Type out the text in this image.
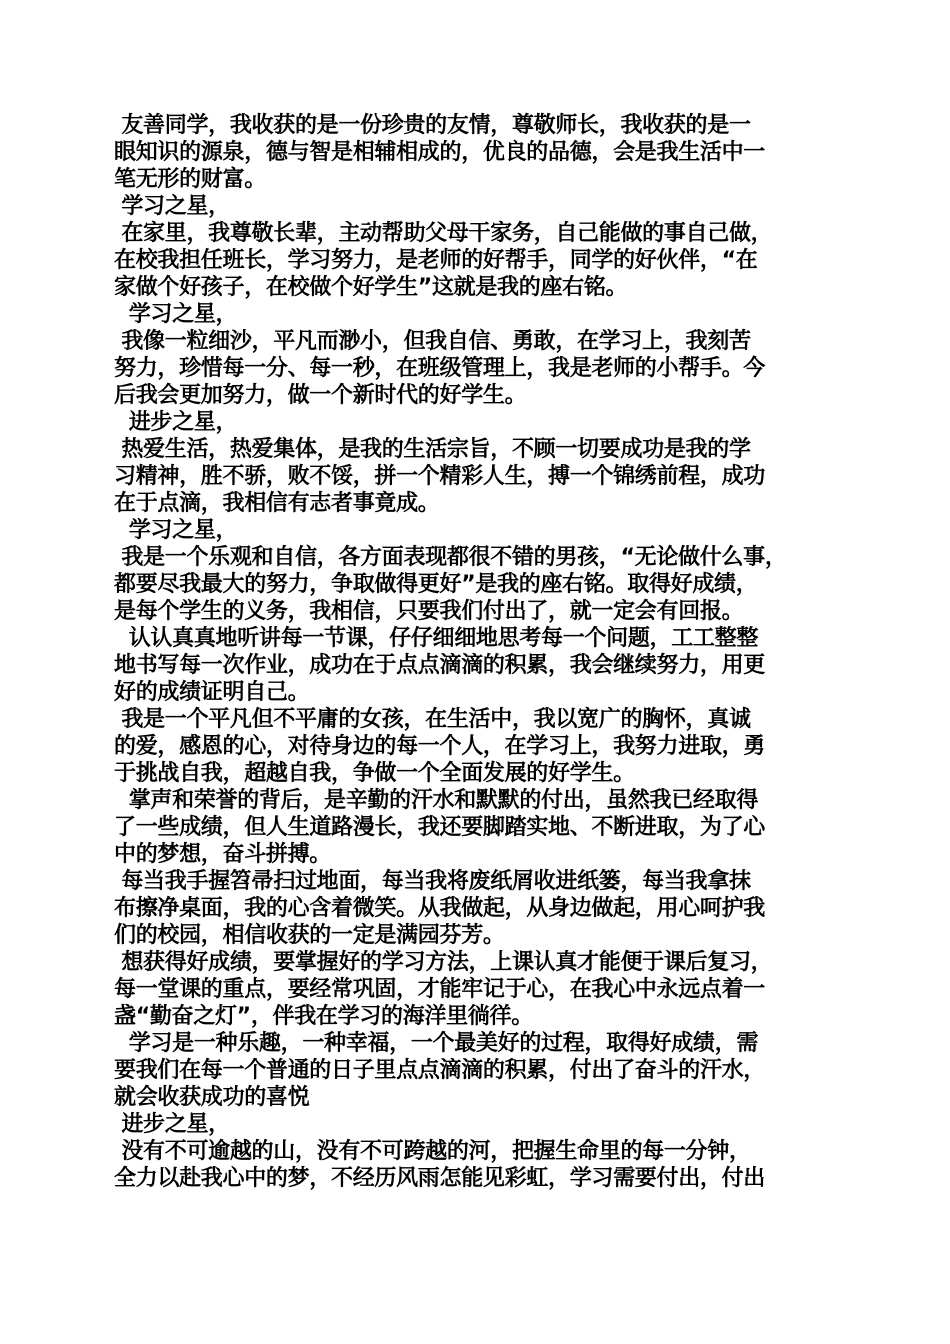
友善同学，我收获的是一份珍贵的友情，尊敬师长，我收获的是一
眼知识的源泉，德与智是相辅相成的，优良的品德，会是我生活中一
笔无形的财富。
学习之星，
在家里，我尊敬长辈，主动帮助父母干家务，自己能做的事自己做，
在校我担任班长，学习努力，是老师的好帮手，同学的好伙伴，“在
家做个好孩子，在校做个好学生”这就是我的座右铭。
学习之星，
我像一粒细沙，平凡而渺小，但我自信、勇敢，在学习上，我刻苦
努力，珍惜每一分、每一秒，在班级管理上，我是老师的小帮手。今
后我会更加努力，做一个新时代的好学生。
进步之星，
热爱生活，热爱集体，是我的生活宗旨，不顾一切要成功是我的学
习精神，胜不骄，败不馁，拼一个精彩人生，搏一个锦绣前程，成功
在于点滴，我相信有志者事竟成。
学习之星，
我是一个乐观和自信，各方面表现都很不错的男孩，“无论做什么事，
都要尽我最大的努力，争取做得更好”是我的座右铭。取得好成绩，
是每个学生的义务，我相信，只要我们付出了，就一定会有回报。
认认真真地听讲每一节课，仔仔细细地思考每一个问题，工工整整
地书写每一次作业，成功在于点点滴滴的积累，我会继续努力，用更
好的成绩证明自己。
我是一个平凡但不平庸的女孩，在生活中，我以宽广的胸怀，真诚
的爱，感恩的心，对待身边的每一个人，在学习上，我努力进取，勇
于挑战自我，超越自我，争做一个全面发展的好学生。
掌声和荣誉的背后，是辛勤的汗水和默默的付出，虽然我已经取得
了一些成绩，但人生道路漫长，我还要脚踏实地、不断进取，为了心
中的梦想，奋斗拼搏。
每当我手握笤帚扫过地面，每当我将废纸屑收进纸篓，每当我拿抹
布擦净桌面，我的心含着微笑。从我做起，从身边做起，用心呵护我
们的校园，相信收获的一定是满园芬芳。
想获得好成绩，要掌握好的学习方法，上课认真才能便于课后复习，
每一堂课的重点，要经常巩固，才能牢记于心，在我心中永远点着一
盏“勤奋之灯”，伴我在学习的海洋里徜徉。
学习是一种乐趣，一种幸福，一个最美好的过程，取得好成绩，需
要我们在每一个普通的日子里点点滴滴的积累，付出了奋斗的汗水，
就会收获成功的喜悦
进步之星，
没有不可逾越的山，没有不可跨越的河，把握生命里的每一分钟，
全力以赴我心中的梦，不经历风雨怎能见彩虹，学习需要付出，付出
